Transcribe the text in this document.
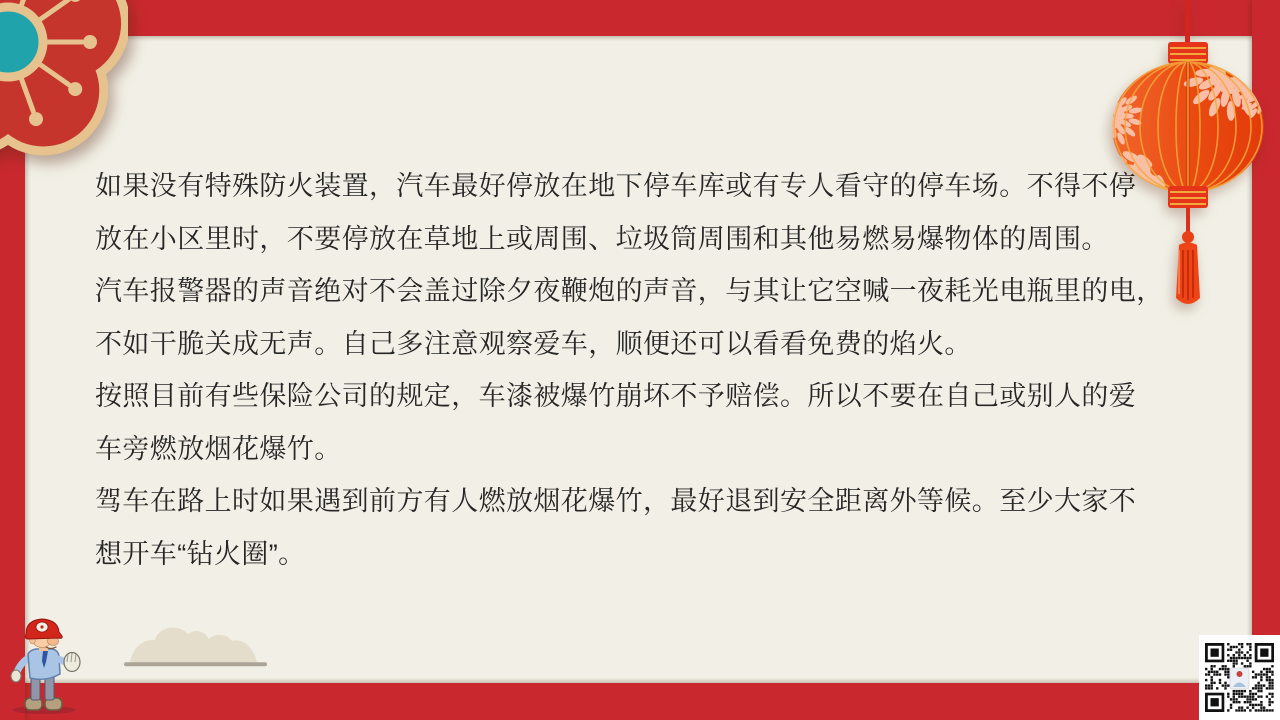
如果没有特殊防火装置，汽车最好停放在地下停车库或有专人看守的停车场。不得不停
放在小区里时，不要停放在草地上或周围、垃圾筒周围和其他易燃易爆物体的周围。
汽车报警器的声音绝对不会盖过除夕夜鞭炮的声音，与其让它空喊一夜耗光电瓶里的电，
不如干脆关成无声。自己多注意观察爱车，顺便还可以看看免费的焰火。
按照目前有些保险公司的规定，车漆被爆竹崩坏不予赔偿。所以不要在自己或别人的爱
车旁燃放烟花爆竹。
驾车在路上时如果遇到前方有人燃放烟花爆竹，最好退到安全距离外等候。至少大家不
想开车“钻火圈”。
